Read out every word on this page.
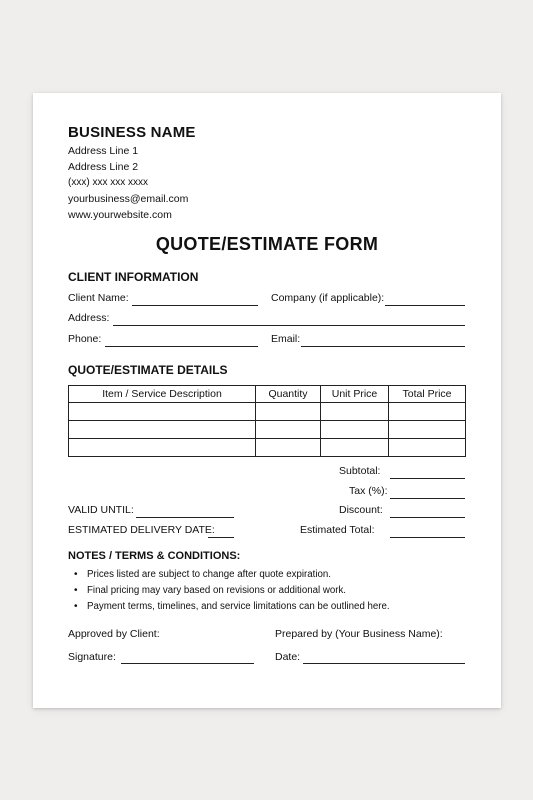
BUSINESS NAME
Address Line 1
Address Line 2
(xxx) xxx xxx xxxx
yourbusiness@email.com
www.yourwebsite.com
QUOTE/ESTIMATE FORM
CLIENT INFORMATION
Client Name:	Company (if applicable):
Address:
Phone:	Email:
QUOTE/ESTIMATE DETAILS
Item / Service Description	Quantity	Unit Price	Total Price

Subtotal:
Tax (%):
Discount:
Estimated Total:
VALID UNTIL:
ESTIMATED DELIVERY DATE:
NOTES / TERMS & CONDITIONS:
• Prices listed are subject to change after quote expiration.
• Final pricing may vary based on revisions or additional work.
• Payment terms, timelines, and service limitations can be outlined here.
Approved by Client:	Prepared by (Your Business Name):
Signature:	Date:
